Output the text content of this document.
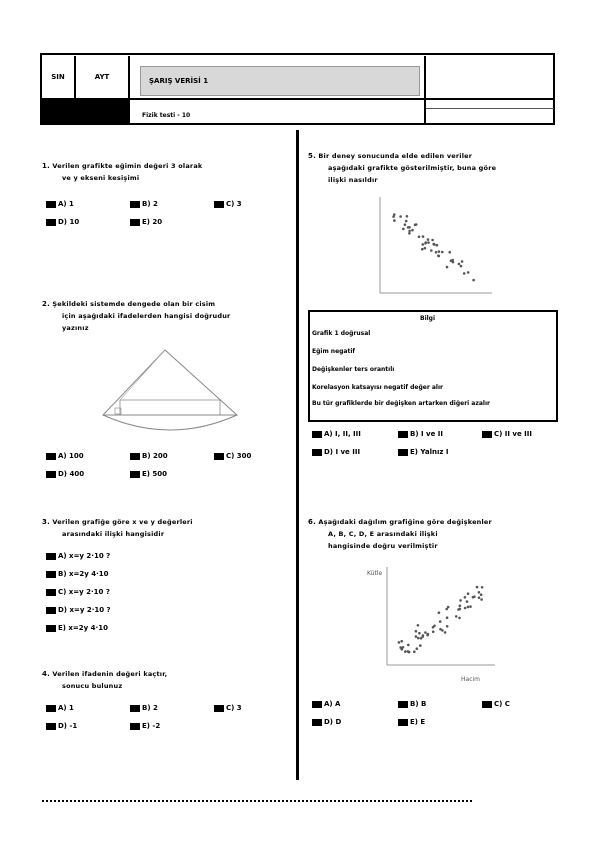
SIN	AYT	ŞARIŞ VERİSİ 1
Fizik testi - 10
1. Verilen grafikte eğimin değeri 3 olarak
ve y ekseni kesişimi
A) 1	B) 2	C) 3
D) 10	E) 20
2. Şekildeki sistemde dengede olan bir cisim
için aşağıdaki ifadelerden hangisi doğrudur
yazınız
A) 100	B) 200	C) 300
D) 400	E) 500
3. Verilen grafiğe göre x ve y değerleri
arasındaki ilişki hangisidir
A) x=y 2·10 ?
B) x=2y 4·10
C) x=y 2·10 ?
D) x=y 2·10 ?
E) x=2y 4·10
4. Verilen ifadenin değeri kaçtır,
sonucu bulunuz
A) 1	B) 2	C) 3
D) -1	E) -2
5. Bir deney sonucunda elde edilen veriler
aşağıdaki grafikte gösterilmiştir, buna göre
ilişki nasıldır
Bilgi
Grafik 1 doğrusal
Eğim negatif
Değişkenler ters orantılı
Korelasyon katsayısı negatif değer alır
Bu tür grafiklerde bir değişken artarken diğeri azalır
A) I, II, III	B) I ve II	C) II ve III
D) I ve III	E) Yalnız I
6. Aşağıdaki dağılım grafiğine göre değişkenler
A, B, C, D, E arasındaki ilişki
hangisinde doğru verilmiştir
Kütle
Hacim
A) A	B) B	C) C
D) D	E) E
